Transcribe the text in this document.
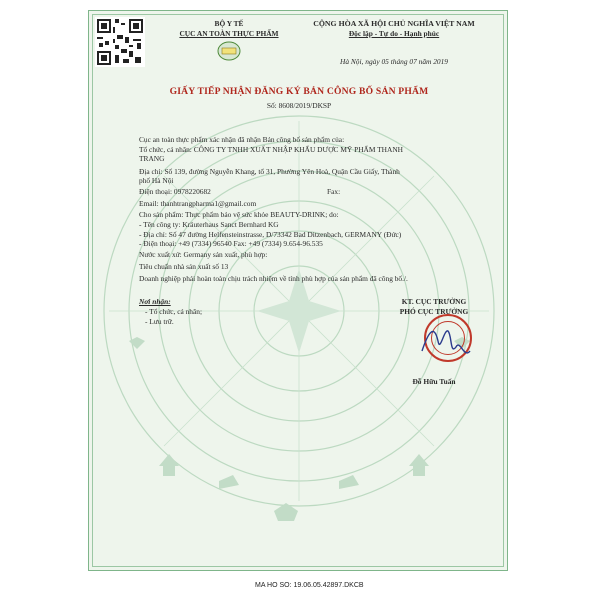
BỘ Y TẾ
CỤC AN TOÀN THỰC PHẨM
CỘNG HÒA XÃ HỘI CHỦ NGHĨA VIỆT NAM
Độc lập - Tự do - Hạnh phúc
Hà Nội, ngày 05 tháng 07 năm 2019
GIẤY TIẾP NHẬN ĐĂNG KÝ BẢN CÔNG BỐ SẢN PHẨM
Số: 8608/2019/DKSP
Cục an toàn thực phẩm xác nhận đã nhận Bản công bố sản phẩm của:
Tổ chức, cá nhân: CÔNG TY TNHH XUẤT NHẬP KHẨU DƯỢC MỸ PHẨM THANH
TRANG
Địa chỉ: Số 139, đường Nguyễn Khang, tổ 31, Phường Yên Hoà, Quận Cầu Giấy, Thành
phố Hà Nội
Điện thoại: 0978220682	Fax:
Email: thanhtrangpharma1@gmail.com
Cho sản phẩm: Thực phẩm bảo vệ sức khỏe BEAUTY-DRINK; do:
- Tên công ty: Kräuterhaus Sanct Bernhard KG
- Địa chỉ: Số 47 đường Helfensteinstrasse, D/73342 Bad Ditzenbach, GERMANY (Đức)
- Điện thoại: +49 (7334) 96540 Fax: +49 (7334) 9.654-96.535
Nước xuất xứ: Germany sản xuất, phù hợp:
Tiêu chuẩn nhà sản xuất số 13
Doanh nghiệp phải hoàn toàn chịu trách nhiệm về tính phù hợp của sản phẩm đã công bố./.
Nơi nhận:
- Tổ chức, cá nhân;
- Lưu trữ.
KT. CỤC TRƯỞNG
PHÓ CỤC TRƯỞNG
Đỗ Hữu Tuấn
MA HO SO: 19.06.05.42897.DKCB
